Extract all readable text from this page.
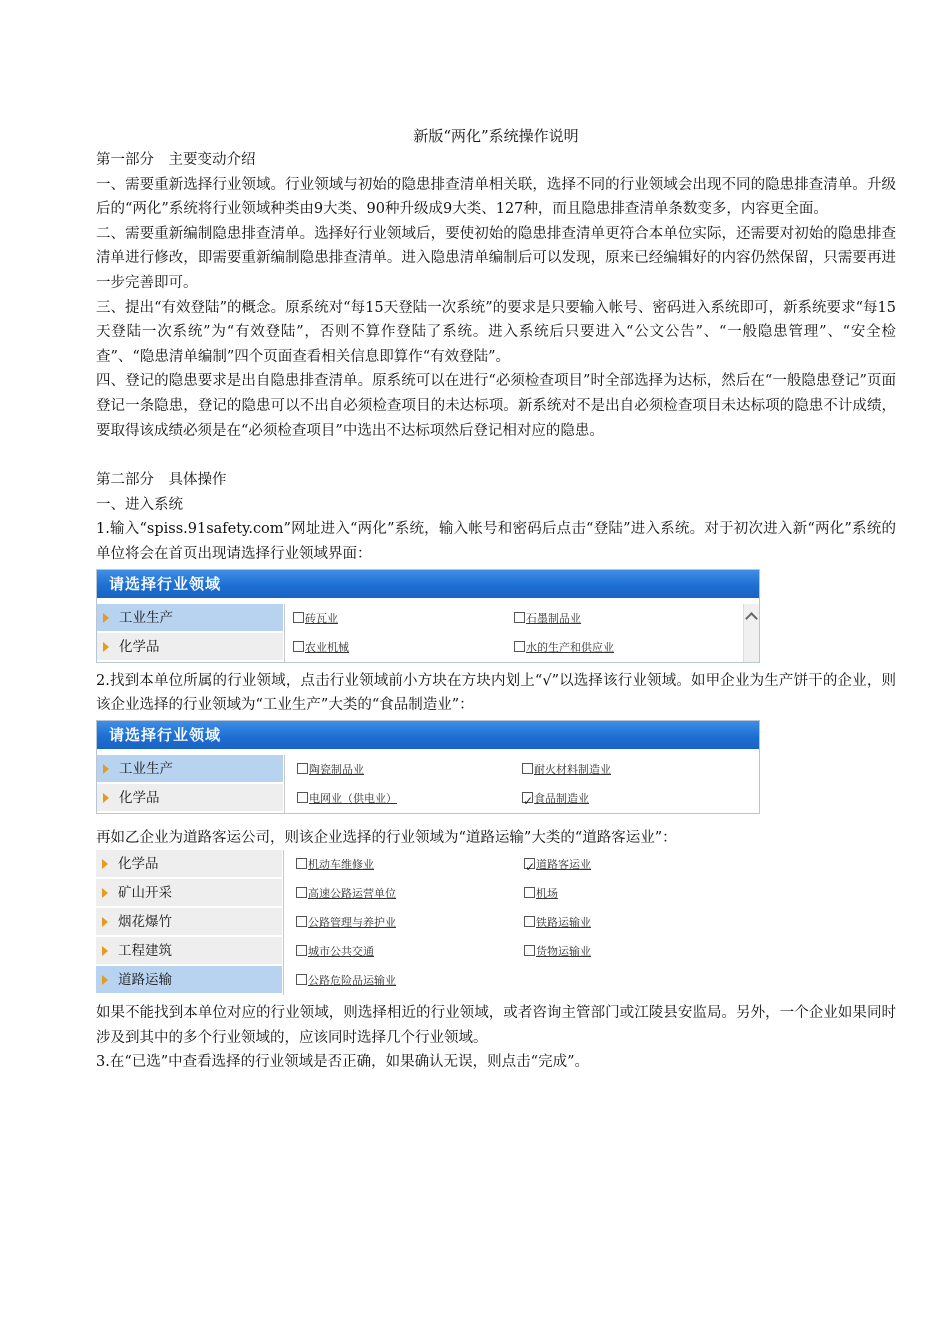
新版“两化”系统操作说明

第一部分　主要变动介绍

一、需要重新选择行业领域。行业领域与初始的隐患排查清单相关联，选择不同的行业领域会出现不同的隐患排查清单。升级后的“两化”系统将行业领域种类由9大类、90种升级成9大类、127种，而且隐患排查清单条数变多，内容更全面。

二、需要重新编制隐患排查清单。选择好行业领域后，要使初始的隐患排查清单更符合本单位实际，还需要对初始的隐患排查清单进行修改，即需要重新编制隐患排查清单。进入隐患清单编制后可以发现，原来已经编辑好的内容仍然保留，只需要再进一步完善即可。

三、提出“有效登陆”的概念。原系统对“每15天登陆一次系统”的要求是只要输入帐号、密码进入系统即可，新系统要求“每15天登陆一次系统”为“有效登陆”，否则不算作登陆了系统。进入系统后只要进入“公文公告”、“一般隐患管理”、“安全检查”、“隐患清单编制”四个页面查看相关信息即算作“有效登陆”。

四、登记的隐患要求是出自隐患排查清单。原系统可以在进行“必须检查项目”时全部选择为达标，然后在“一般隐患登记”页面登记一条隐患，登记的隐患可以不出自必须检查项目的未达标项。新系统对不是出自必须检查项目未达标项的隐患不计成绩，要取得该成绩必须是在“必须检查项目”中选出不达标项然后登记相对应的隐患。

第二部分　具体操作

一、进入系统

1.输入“spiss.91safety.com”网址进入“两化”系统，输入帐号和密码后点击“登陆”进入系统。对于初次进入新“两化”系统的单位将会在首页出现请选择行业领域界面：

请选择行业领域
工业生产	砖瓦业	石墨制品业
化学品	农业机械	水的生产和供应业

2.找到本单位所属的行业领域，点击行业领域前小方块在方块内划上“√”以选择该行业领域。如甲企业为生产饼干的企业，则该企业选择的行业领域为“工业生产”大类的“食品制造业”：

请选择行业领域
工业生产	陶瓷制品业	耐火材料制造业
化学品	电网业（供电业） ✓	食品制造业

再如乙企业为道路客运公司，则该企业选择的行业领域为“道路运输”大类的“道路客运业”：

化学品	机动车维修业 ✓	道路客运业
矿山开采	高速公路运营单位	机场
烟花爆竹	公路管理与养护业	铁路运输业
工程建筑	城市公共交通	货物运输业
道路运输	公路危险品运输业

如果不能找到本单位对应的行业领域，则选择相近的行业领域，或者咨询主管部门或江陵县安监局。另外，一个企业如果同时涉及到其中的多个行业领域的，应该同时选择几个行业领域。

3.在“已选”中查看选择的行业领域是否正确，如果确认无误，则点击“完成”。
